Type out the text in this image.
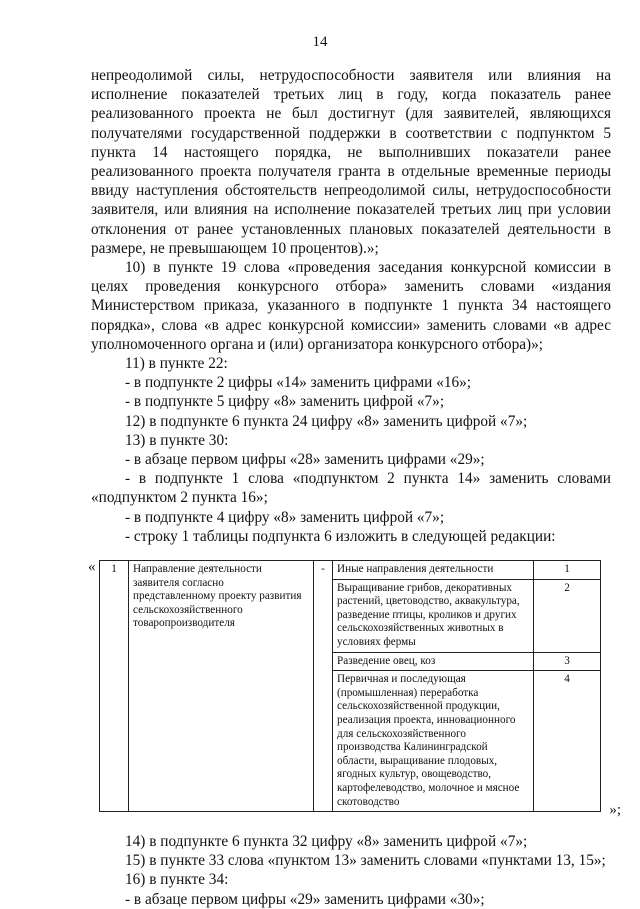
14

непреодолимой силы, нетрудоспособности заявителя или влияния на исполнение показателей третьих лиц в году, когда показатель ранее реализованного проекта не был достигнут (для заявителей, являющихся получателями государственной поддержки в соответствии с подпунктом 5 пункта 14 настоящего порядка, не выполнивших показатели ранее реализованного проекта получателя гранта в отдельные временные периоды ввиду наступления обстоятельств непреодолимой силы, нетрудоспособности заявителя, или влияния на исполнение показателей третьих лиц при условии отклонения от ранее установленных плановых показателей деятельности в размере, не превышающем 10 процентов).»;

10) в пункте 19 слова «проведения заседания конкурсной комиссии в целях проведения конкурсного отбора» заменить словами «издания Министерством приказа, указанного в подпункте 1 пункта 34 настоящего порядка», слова «в адрес конкурсной комиссии» заменить словами «в адрес уполномоченного органа и (или) организатора конкурсного отбора)»;

11) в пункте 22:

- в подпункте 2 цифры «14» заменить цифрами «16»;

- в подпункте 5 цифру «8» заменить цифрой «7»;

12) в подпункте 6 пункта 24 цифру «8» заменить цифрой «7»;

13) в пункте 30:

- в абзаце первом цифры «28» заменить цифрами «29»;

- в подпункте 1 слова «подпунктом 2 пункта 14» заменить словами «подпунктом 2 пункта 16»;

- в подпункте 4 цифру «8» заменить цифрой «7»;

- строку 1 таблицы подпункта 6 изложить в следующей редакции:

« 1	Направление деятельности заявителя согласно представленному проекту развития сельскохозяйственного товаропроизводителя	-	Иные направления деятельности	1
			Выращивание грибов, декоративных растений, цветоводство, аквакультура, разведение птицы, кроликов и других сельскохозяйственных животных в условиях фермы	2
			Разведение овец, коз	3
			Первичная и последующая (промышленная) переработка сельскохозяйственной продукции, реализация проекта, инновационного для сельскохозяйственного производства Калининградской области, выращивание плодовых, ягодных культур, овощеводство, картофелеводство, молочное и мясное скотоводство	4
»;

14) в подпункте 6 пункта 32 цифру «8» заменить цифрой «7»;

15) в пункте 33 слова «пунктом 13» заменить словами «пунктами 13, 15»;

16) в пункте 34:

- в абзаце первом цифры «29» заменить цифрами «30»;
